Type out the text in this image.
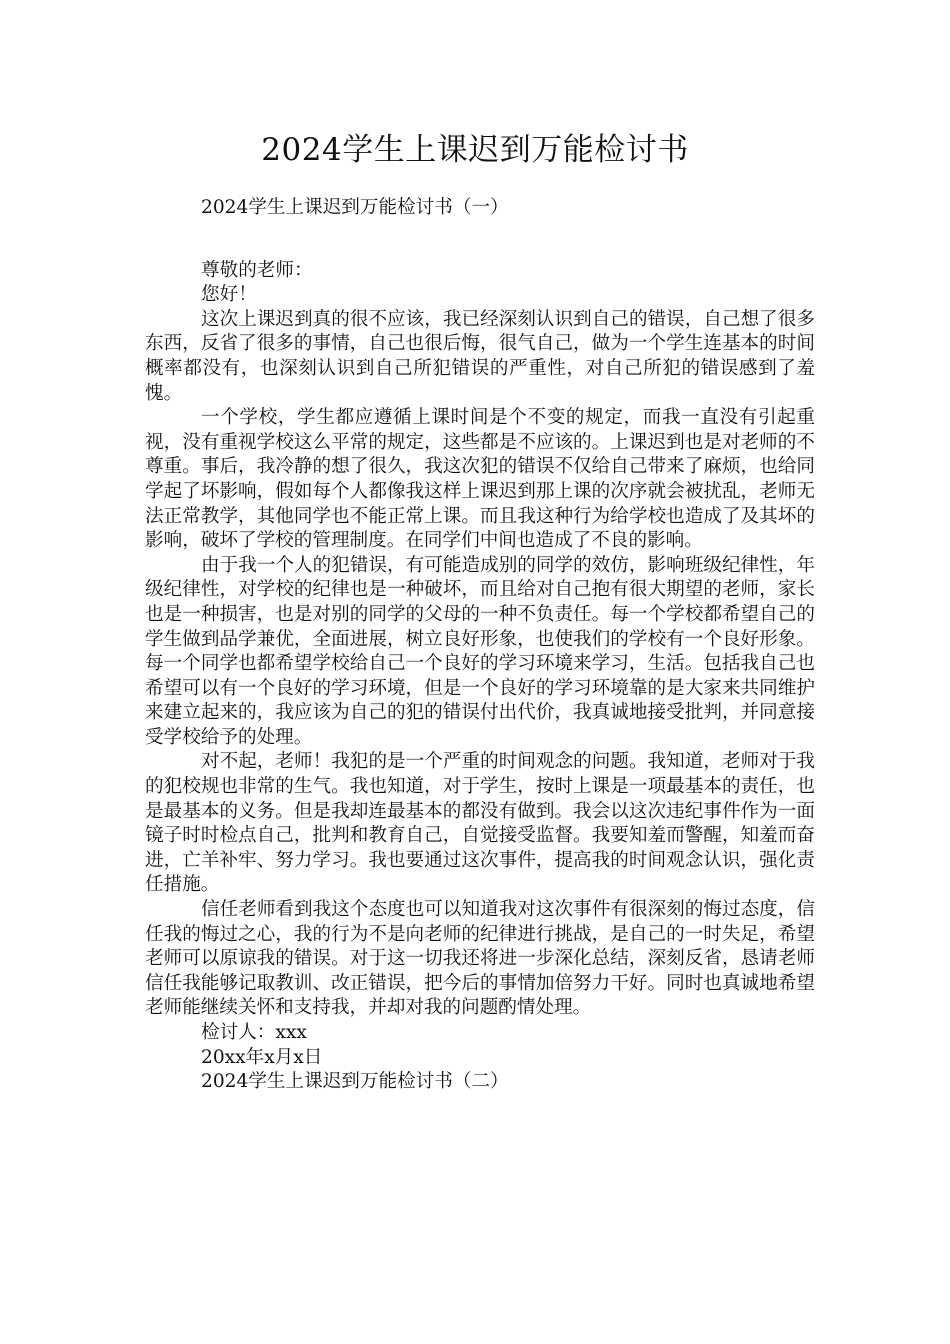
2024学生上课迟到万能检讨书

2024学生上课迟到万能检讨书（一）

尊敬的老师：

您好！

这次上课迟到真的很不应该，我已经深刻认识到自己的错误，自己想了很多东西，反省了很多的事情，自己也很后悔，很气自己，做为一个学生连基本的时间概率都没有，也深刻认识到自己所犯错误的严重性，对自己所犯的错误感到了羞愧。

一个学校，学生都应遵循上课时间是个不变的规定，而我一直没有引起重视，没有重视学校这么平常的规定，这些都是不应该的。上课迟到也是对老师的不尊重。事后，我冷静的想了很久，我这次犯的错误不仅给自己带来了麻烦，也给同学起了坏影响，假如每个人都像我这样上课迟到那上课的次序就会被扰乱，老师无法正常教学，其他同学也不能正常上课。而且我这种行为给学校也造成了及其坏的影响，破坏了学校的管理制度。在同学们中间也造成了不良的影响。

由于我一个人的犯错误，有可能造成别的同学的效仿，影响班级纪律性，年级纪律性，对学校的纪律也是一种破坏，而且给对自己抱有很大期望的老师，家长也是一种损害，也是对别的同学的父母的一种不负责任。每一个学校都希望自己的学生做到品学兼优，全面进展，树立良好形象，也使我们的学校有一个良好形象。每一个同学也都希望学校给自己一个良好的学习环境来学习，生活。包括我自己也希望可以有一个良好的学习环境，但是一个良好的学习环境靠的是大家来共同维护来建立起来的，我应该为自己的犯的错误付出代价，我真诚地接受批判，并同意接受学校给予的处理。

对不起，老师！我犯的是一个严重的时间观念的问题。我知道，老师对于我的犯校规也非常的生气。我也知道，对于学生，按时上课是一项最基本的责任，也是最基本的义务。但是我却连最基本的都没有做到。我会以这次违纪事件作为一面镜子时时检点自己，批判和教育自己，自觉接受监督。我要知羞而警醒，知羞而奋进，亡羊补牢、努力学习。我也要通过这次事件，提高我的时间观念认识，强化责任措施。

信任老师看到我这个态度也可以知道我对这次事件有很深刻的悔过态度，信任我的悔过之心，我的行为不是向老师的纪律进行挑战，是自己的一时失足，希望老师可以原谅我的错误。对于这一切我还将进一步深化总结，深刻反省，恳请老师信任我能够记取教训、改正错误，把今后的事情加倍努力干好。同时也真诚地希望老师能继续关怀和支持我，并却对我的问题酌情处理。

检讨人：xxx

20xx年x月x日

2024学生上课迟到万能检讨书（二）
